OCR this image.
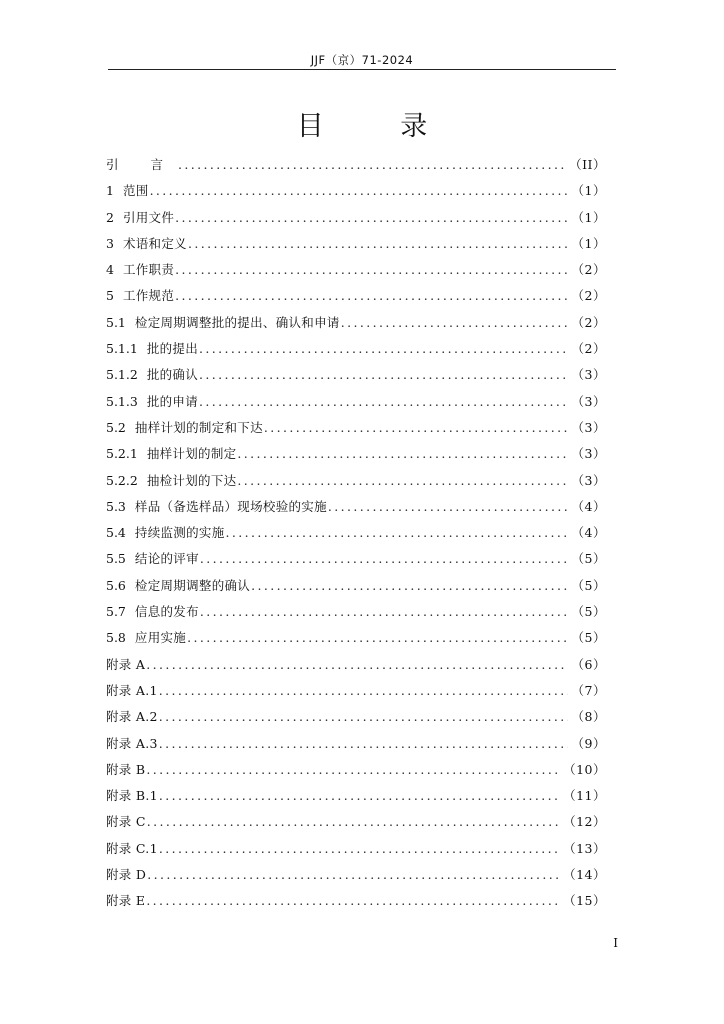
JJF（京）71-2024
目 录
引 言 .....	（II）
1 范围 .....	（1）
2 引用文件 .....	（1）
3 术语和定义 .....	（1）
4 工作职责 .....	（2）
5 工作规范 .....	（2）
5.1 检定周期调整批的提出、确认和申请 .....	（2）
5.1.1 批的提出 .....	（2）
5.1.2 批的确认 .....	（3）
5.1.3 批的申请 .....	（3）
5.2 抽样计划的制定和下达 .....	（3）
5.2.1 抽样计划的制定 .....	（3）
5.2.2 抽检计划的下达 .....	（3）
5.3 样品（备选样品）现场校验的实施 .....	（4）
5.4 持续监测的实施 .....	（4）
5.5 结论的评审 .....	（5）
5.6 检定周期调整的确认 .....	（5）
5.7 信息的发布 .....	（5）
5.8 应用实施 .....	（5）
附录 A .....	（6）
附录 A.1 .....	（7）
附录 A.2 .....	（8）
附录 A.3 .....	（9）
附录 B .....	（10）
附录 B.1 .....	（11）
附录 C .....	（12）
附录 C.1 .....	（13）
附录 D .....	（14）
附录 E .....	（15）
I
